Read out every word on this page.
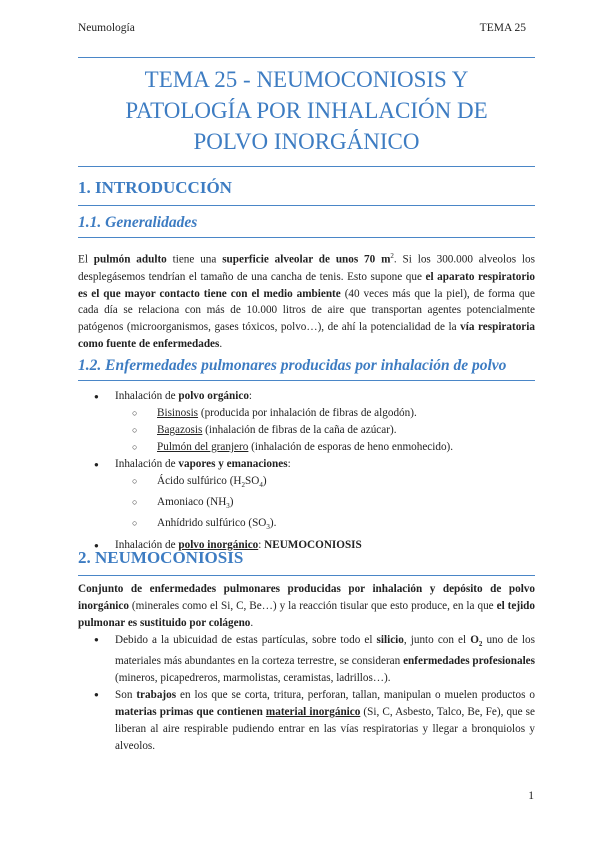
Neumología	TEMA 25
TEMA 25 - NEUMOCONIOSIS Y
PATOLOGÍA POR INHALACIÓN DE
POLVO INORGÁNICO
1. INTRODUCCIÓN
1.1. Generalidades

El pulmón adulto tiene una superficie alveolar de unos 70 $m^2$. Si los 300.000 alveolos los desplegásemos tendrían el tamaño de una cancha de tenis. Esto supone que el aparato respiratorio es el que mayor contacto tiene con el medio ambiente (40 veces más que la piel), de forma que cada día se relaciona con más de 10.000 litros de aire que transportan agentes potencialmente patógenos (microorganismos, gases tóxicos, polvo…), de ahí la potencialidad de la vía respiratoria como fuente de enfermedades.

1.2. Enfermedades pulmonares producidas por inhalación de polvo
● Inhalación de polvo orgánico:
○ Bisinosis (producida por inhalación de fibras de algodón).
○ Bagazosis (inhalación de fibras de la caña de azúcar).
○ Pulmón del granjero (inhalación de esporas de heno enmohecido).
● Inhalación de vapores y emanaciones:
○ Ácido sulfúrico $(H_2SO_4)$
○ Amoniaco $(NH_3)$
○ Anhídrido sulfúrico $(SO_3)$.
● Inhalación de polvo inorgánico: NEUMOCONIOSIS
2. NEUMOCONIOSIS

Conjunto de enfermedades pulmonares producidas por inhalación y depósito de polvo inorgánico (minerales como el Si, C, Be…) y la reacción tisular que esto produce, en la que el tejido pulmonar es sustituido por colágeno.

● Debido a la ubicuidad de estas partículas, sobre todo el silicio, junto con el $O_2$ uno de los materiales más abundantes en la corteza terrestre, se consideran enfermedades profesionales (mineros, picapedreros, marmolistas, ceramistas, ladrillos…).
● Son trabajos en los que se corta, tritura, perforan, tallan, manipulan o muelen productos o materias primas que contienen material inorgánico (Si, C, Asbesto, Talco, Be, Fe), que se liberan al aire respirable pudiendo entrar en las vías respiratorias y llegar a bronquiolos y alveolos.
1
